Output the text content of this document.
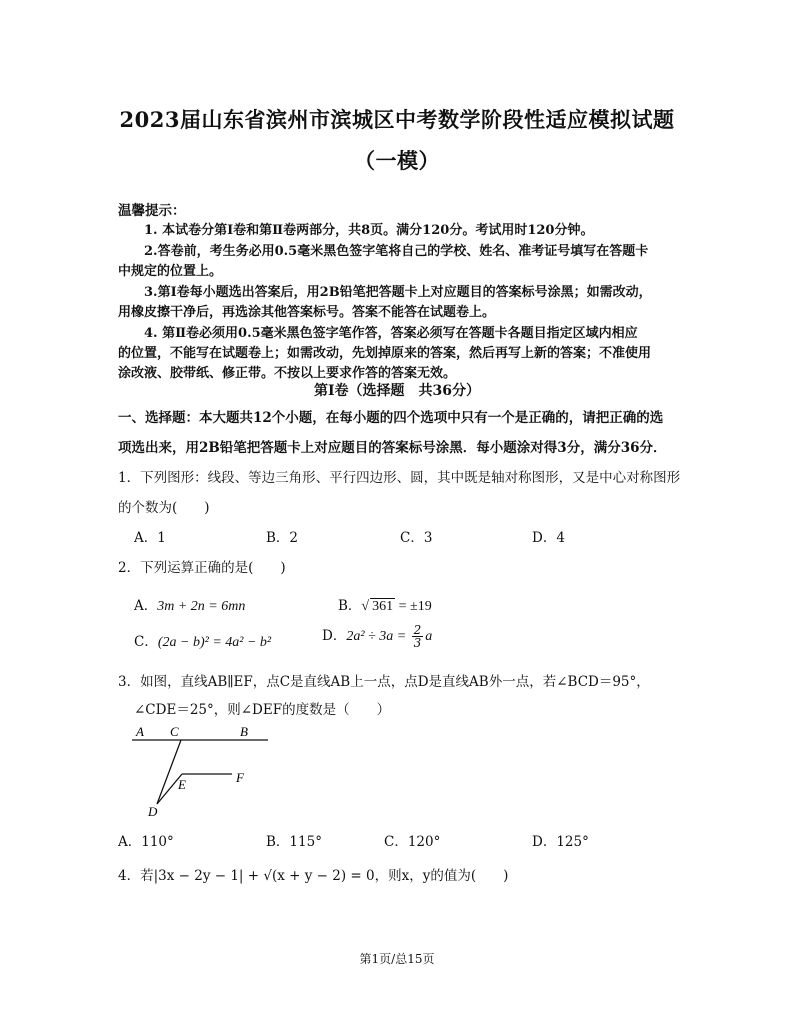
2023届山东省滨州市滨城区中考数学阶段性适应模拟试题
（一模）
温馨提示：
1. 本试卷分第Ⅰ卷和第Ⅱ卷两部分，共8页。满分120分。考试用时120分钟。
2.答卷前，考生务必用0.5毫米黑色签字笔将自己的学校、姓名、准考证号填写在答题卡
中规定的位置上。
3.第Ⅰ卷每小题选出答案后，用2B铅笔把答题卡上对应题目的答案标号涂黑；如需改动，
用橡皮擦干净后，再选涂其他答案标号。答案不能答在试题卷上。
4. 第Ⅱ卷必须用0.5毫米黑色签字笔作答，答案必须写在答题卡各题目指定区域内相应
的位置，不能写在试题卷上；如需改动，先划掉原来的答案，然后再写上新的答案；不准使用
涂改液、胶带纸、修正带。不按以上要求作答的答案无效。
第Ⅰ卷（选择题　共36分）
一、选择题：本大题共12个小题，在每小题的四个选项中只有一个是正确的，请把正确的选
项选出来，用2B铅笔把答题卡上对应题目的答案标号涂黑．每小题涂对得3分，满分36分．
1．下列图形：线段、等边三角形、平行四边形、圆，其中既是轴对称图形，又是中心对称图形
的个数为(　　)
A．1	B．2	C．3	D．4
2．下列运算正确的是(　　)
A．3m + 2n = 6mn	B．√ 361 = ±19
C．(2a − b)² = 4a² − b²	D．$2a^2 \div 3a = \frac{2}{3}$ a
3．如图，直线AB∥EF，点C是直线AB上一点，点D是直线AB外一点，若∠BCD＝95°，
∠CDE＝25°，则∠DEF的度数是（　　）
A C	B
E	F
D
A．110°	B．115°	C．120°	D．125°
4．若|3x − 2y − 1| + √(x + y − 2) = 0，则x，y的值为(　　)
第1页/总15页
